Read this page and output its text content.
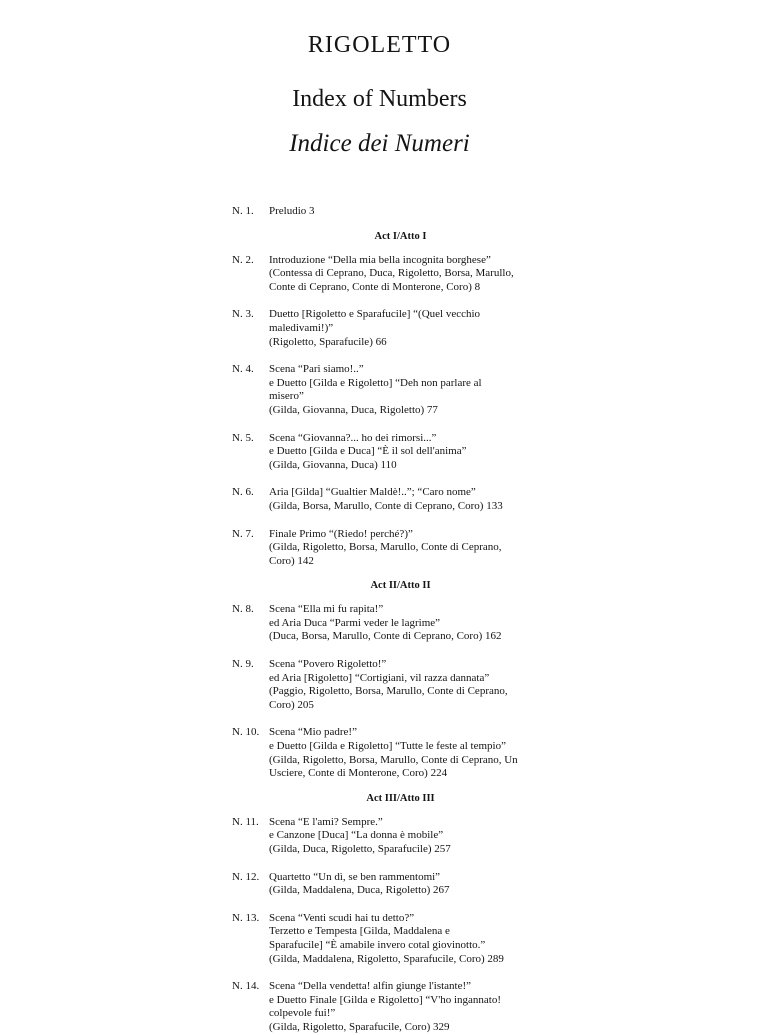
RIGOLETTO
Index of Numbers
Indice dei Numeri
N. 1. Preludio 3
Act I/Atto I
N. 2. Introduzione “Della mia bella incognita borghese”
(Contessa di Ceprano, Duca, Rigoletto, Borsa, Marullo,
Conte di Ceprano, Conte di Monterone, Coro) 8
N. 3. Duetto [Rigoletto e Sparafucile] “(Quel vecchio
maledivami!)”
(Rigoletto, Sparafucile) 66
N. 4. Scena “Pari siamo!..”
e Duetto [Gilda e Rigoletto] “Deh non parlare al
misero”
(Gilda, Giovanna, Duca, Rigoletto) 77
N. 5. Scena “Giovanna?... ho dei rimorsi...”
e Duetto [Gilda e Duca] “È il sol dell'anima”
(Gilda, Giovanna, Duca) 110
N. 6. Aria [Gilda] “Gualtier Maldè!..”; “Caro nome”
(Gilda, Borsa, Marullo, Conte di Ceprano, Coro) 133
N. 7. Finale Primo “(Riedo! perché?)”
(Gilda, Rigoletto, Borsa, Marullo, Conte di Ceprano,
Coro) 142
Act II/Atto II
N. 8. Scena “Ella mi fu rapita!”
ed Aria Duca “Parmi veder le lagrime”
(Duca, Borsa, Marullo, Conte di Ceprano, Coro) 162
N. 9. Scena “Povero Rigoletto!”
ed Aria [Rigoletto] “Cortigiani, vil razza dannata”
(Paggio, Rigoletto, Borsa, Marullo, Conte di Ceprano,
Coro) 205
N. 10. Scena “Mio padre!”
e Duetto [Gilda e Rigoletto] “Tutte le feste al tempio”
(Gilda, Rigoletto, Borsa, Marullo, Conte di Ceprano, Un
Usciere, Conte di Monterone, Coro) 224
Act III/Atto III
N. 11. Scena “E l'ami? Sempre.”
e Canzone [Duca] “La donna è mobile”
(Gilda, Duca, Rigoletto, Sparafucile) 257
N. 12. Quartetto “Un dì, se ben rammentomi”
(Gilda, Maddalena, Duca, Rigoletto) 267
N. 13. Scena “Venti scudi hai tu detto?”
Terzetto e Tempesta [Gilda, Maddalena e
Sparafucile] “È amabile invero cotal giovinotto.”
(Gilda, Maddalena, Rigoletto, Sparafucile, Coro) 289
N. 14. Scena “Della vendetta! alfin giunge l'istante!”
e Duetto Finale [Gilda e Rigoletto] “V'ho ingannato!
colpevole fui!”
(Gilda, Rigoletto, Sparafucile, Coro) 329
